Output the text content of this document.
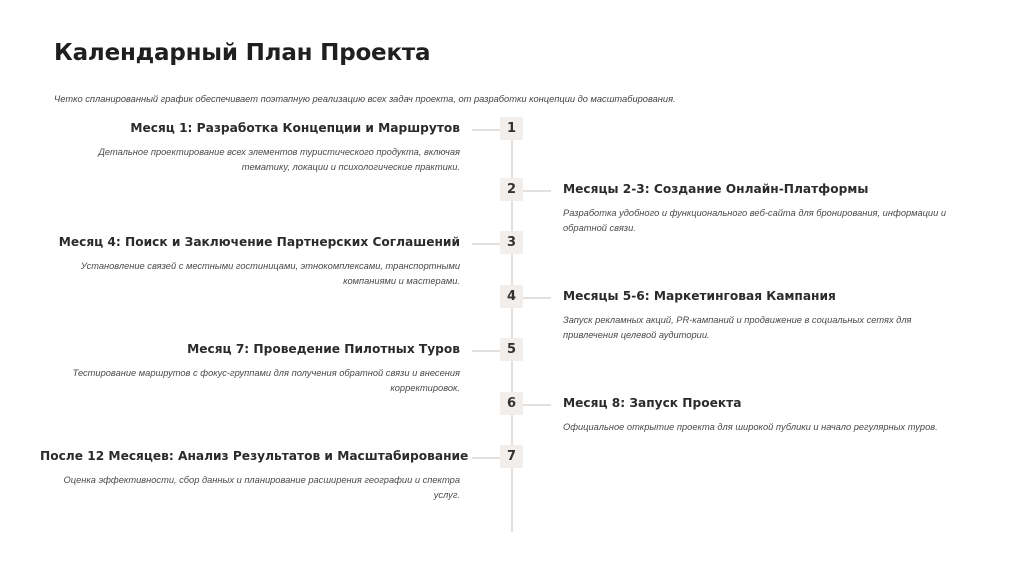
Календарный План Проекта

Четко спланированный график обеспечивает поэтапную реализацию всех задач проекта, от разработки концепции до масштабирования.

1
Месяц 1: Разработка Концепции и Маршрутов
Детальное проектирование всех элементов туристического продукта, включая тематику, локации и психологические практики.
2	Месяцы 2-3: Создание Онлайн-Платформы
Разработка удобного и функционального веб-сайта для бронирования, информации и обратной связи.
3
Месяц 4: Поиск и Заключение Партнерских Соглашений
Установление связей с местными гостиницами, этнокомплексами, транспортными компаниями и мастерами.
4	Месяцы 5-6: Маркетинговая Кампания
Запуск рекламных акций, PR-кампаний и продвижение в социальных сетях для привлечения целевой аудитории.
5
Месяц 7: Проведение Пилотных Туров
Тестирование маршрутов с фокус-группами для получения обратной связи и внесения корректировок.
6	Месяц 8: Запуск Проекта
Официальное открытие проекта для широкой публики и начало регулярных туров.
7
После 12 Месяцев: Анализ Результатов и Масштабирование
Оценка эффективности, сбор данных и планирование расширения географии и спектра услуг.
